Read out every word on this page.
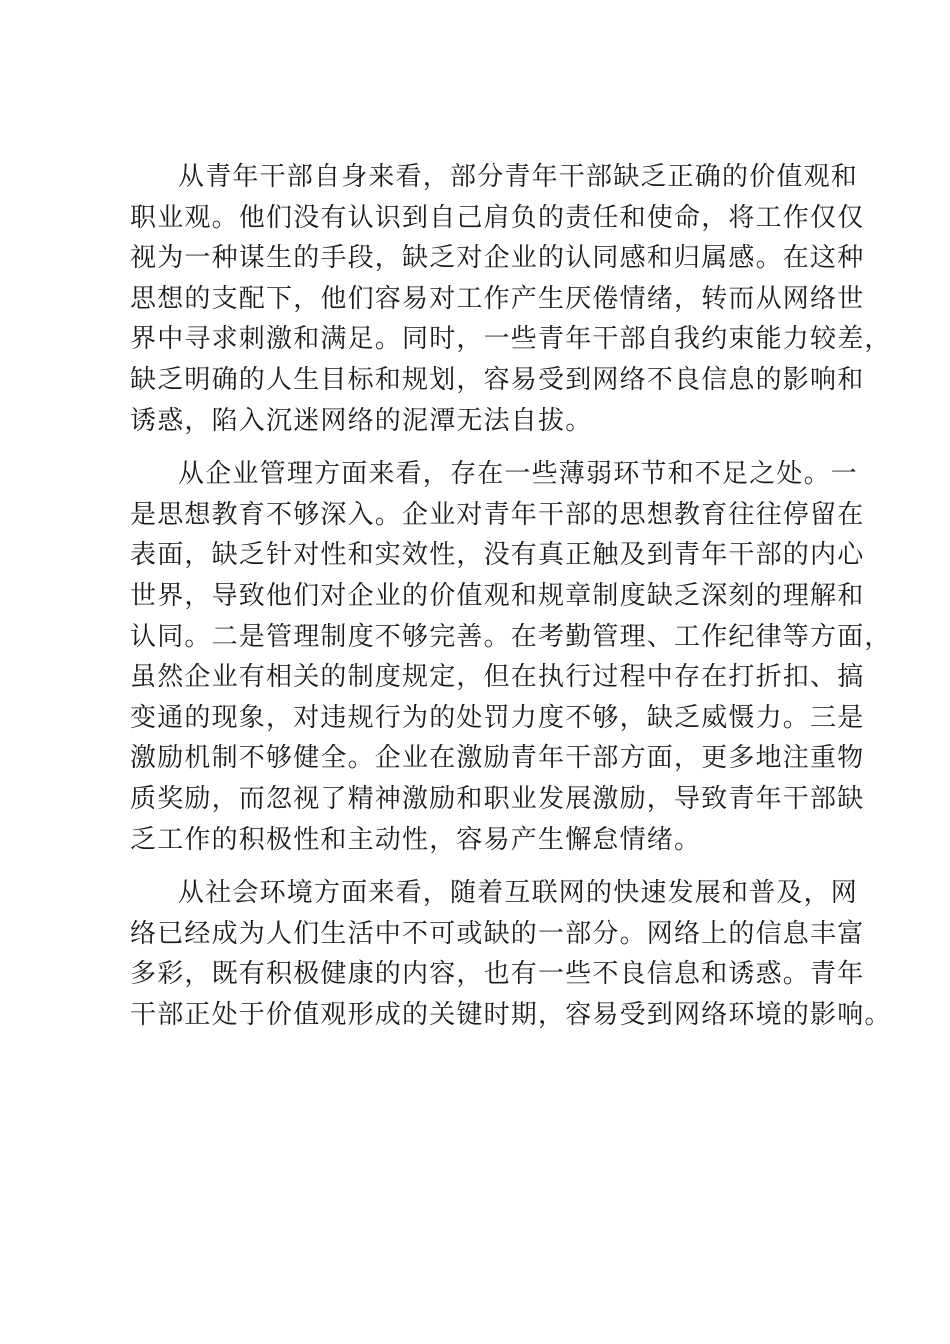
从青年干部自身来看，部分青年干部缺乏正确的价值观和
职业观。他们没有认识到自己肩负的责任和使命，将工作仅仅
视为一种谋生的手段，缺乏对企业的认同感和归属感。在这种
思想的支配下，他们容易对工作产生厌倦情绪，转而从网络世
界中寻求刺激和满足。同时，一些青年干部自我约束能力较差，
缺乏明确的人生目标和规划，容易受到网络不良信息的影响和
诱惑，陷入沉迷网络的泥潭无法自拔。
从企业管理方面来看，存在一些薄弱环节和不足之处。一
是思想教育不够深入。企业对青年干部的思想教育往往停留在
表面，缺乏针对性和实效性，没有真正触及到青年干部的内心
世界，导致他们对企业的价值观和规章制度缺乏深刻的理解和
认同。二是管理制度不够完善。在考勤管理、工作纪律等方面，
虽然企业有相关的制度规定，但在执行过程中存在打折扣、搞
变通的现象，对违规行为的处罚力度不够，缺乏威慑力。三是
激励机制不够健全。企业在激励青年干部方面，更多地注重物
质奖励，而忽视了精神激励和职业发展激励，导致青年干部缺
乏工作的积极性和主动性，容易产生懈怠情绪。
从社会环境方面来看，随着互联网的快速发展和普及，网
络已经成为人们生活中不可或缺的一部分。网络上的信息丰富
多彩，既有积极健康的内容，也有一些不良信息和诱惑。青年
干部正处于价值观形成的关键时期，容易受到网络环境的影响。
